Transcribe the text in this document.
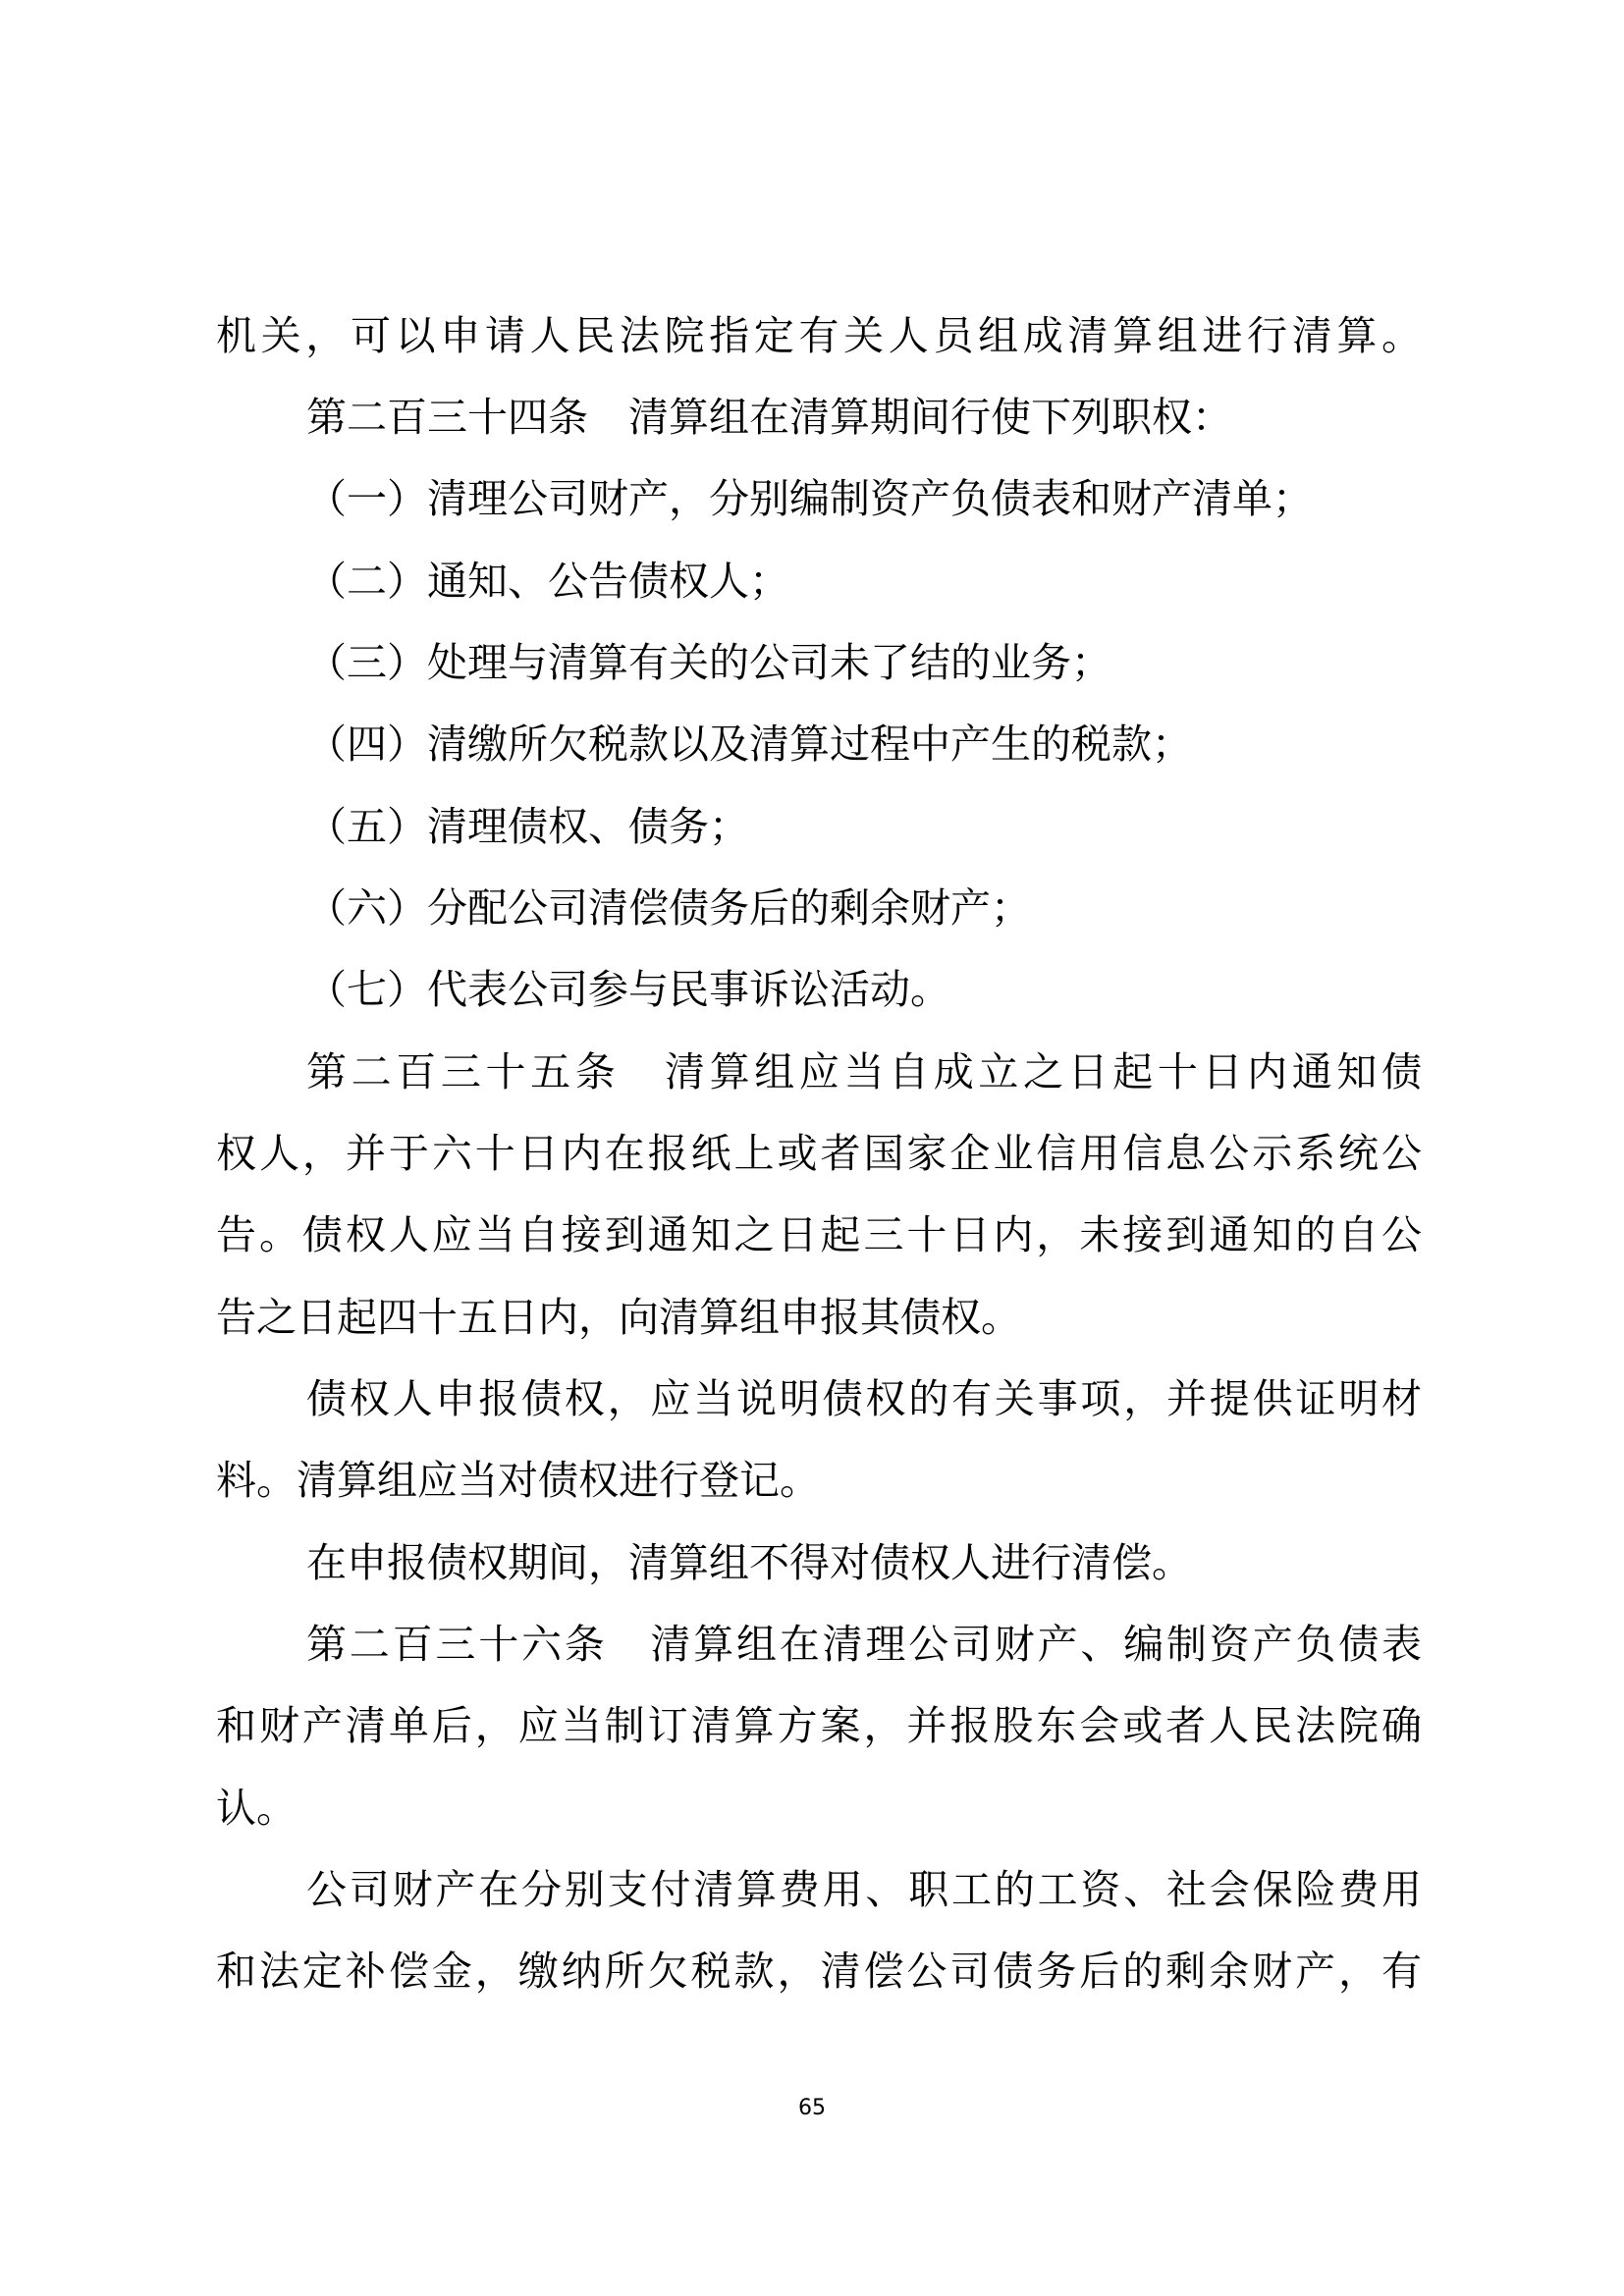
机关，可以申请人民法院指定有关人员组成清算组进行清算。
第二百三十四条　清算组在清算期间行使下列职权：
（一）清理公司财产，分别编制资产负债表和财产清单；
（二）通知、公告债权人；
（三）处理与清算有关的公司未了结的业务；
（四）清缴所欠税款以及清算过程中产生的税款；
（五）清理债权、债务；
（六）分配公司清偿债务后的剩余财产；
（七）代表公司参与民事诉讼活动。
第二百三十五条　清算组应当自成立之日起十日内通知债
权人，并于六十日内在报纸上或者国家企业信用信息公示系统公
告。债权人应当自接到通知之日起三十日内，未接到通知的自公
告之日起四十五日内，向清算组申报其债权。
债权人申报债权，应当说明债权的有关事项，并提供证明材
料。清算组应当对债权进行登记。
在申报债权期间，清算组不得对债权人进行清偿。
第二百三十六条　清算组在清理公司财产、编制资产负债表
和财产清单后，应当制订清算方案，并报股东会或者人民法院确
认。
公司财产在分别支付清算费用、职工的工资、社会保险费用
和法定补偿金，缴纳所欠税款，清偿公司债务后的剩余财产，有
65
